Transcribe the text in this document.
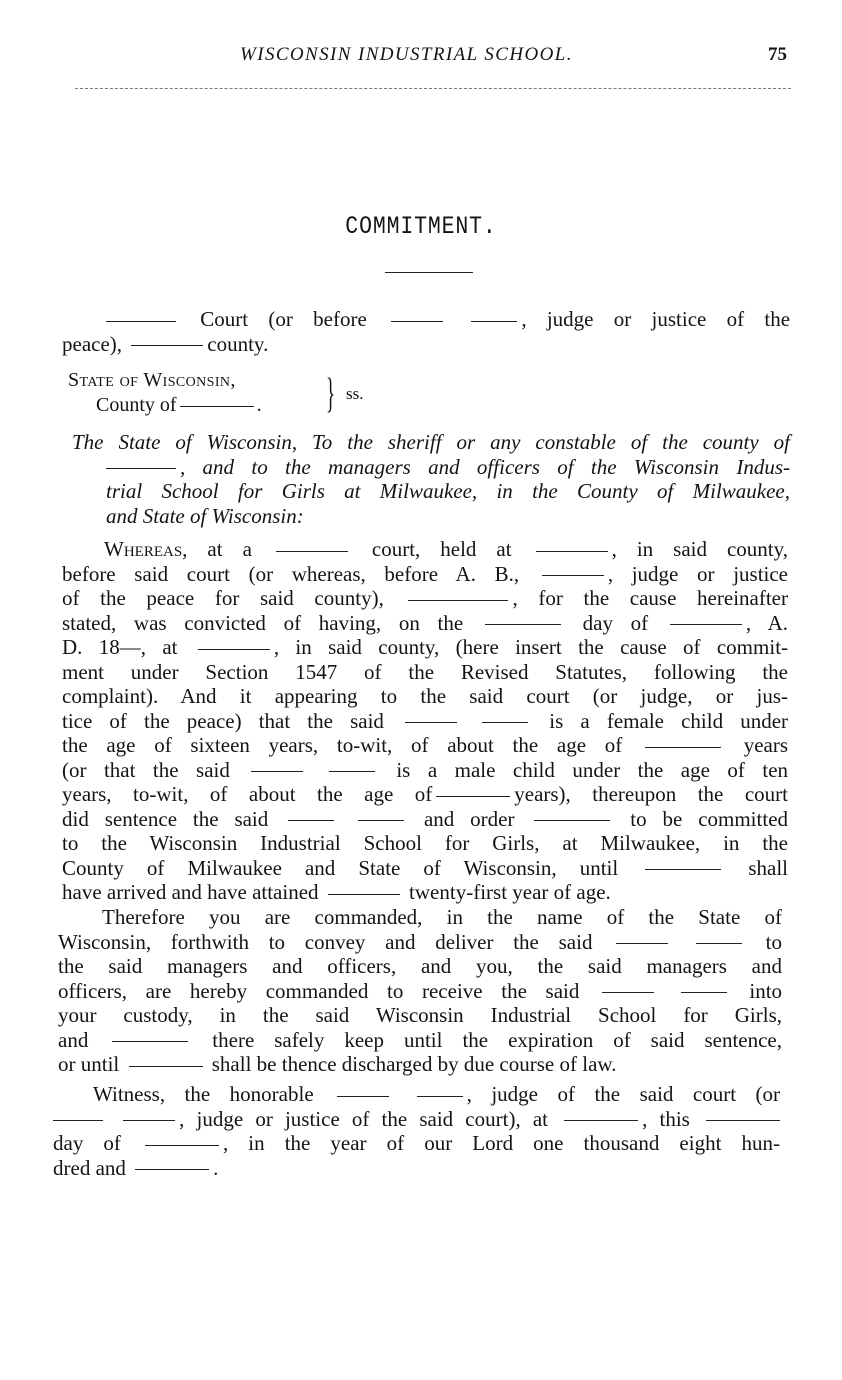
WISCONSIN INDUSTRIAL SCHOOL.	75
COMMITMENT.
Court (or before	, judge or justice of the
peace),	county.
State of Wisconsin,
County of	. } ss.
The State of Wisconsin, To the sheriff or any constable of the county of
, and to the managers and officers of the Wisconsin Indus-
trial School for Girls at Milwaukee, in the County of Milwaukee,
and State of Wisconsin:
Whereas, at a	court, held at	, in said county,
before said court (or whereas, before A. B.,	, judge or justice
of the peace for said county),	, for the cause hereinafter
stated, was convicted of having, on the	day of	, A.
D. 18—, at	, in said county, (here insert the cause of commit-
ment under Section 1547 of the Revised Statutes, following the
complaint). And it appearing to the said court (or judge, or jus-
tice of the peace) that the said	is a female child under
the age of sixteen years, to-wit, of about the age of	years
(or that the said	is a male child under the age of ten
years, to-wit, of about the age of	years), thereupon the court
did sentence the said	and order	to be committed
to the Wisconsin Industrial School for Girls, at Milwaukee, in the
County of Milwaukee and State of Wisconsin, until	shall
have arrived and have attained	twenty-first year of age.
Therefore you are commanded, in the name of the State of
Wisconsin, forthwith to convey and deliver the said	to
the said managers and officers, and you, the said managers and
officers, are hereby commanded to receive the said	into
your custody, in the said Wisconsin Industrial School for Girls,
and	there safely keep until the expiration of said sentence,
or until	shall be thence discharged by due course of law.
Witness, the honorable	, judge of the said court (or
, judge or justice of the said court), at	, this
day of	, in the year of our Lord one thousand eight hun-
dred and	.
